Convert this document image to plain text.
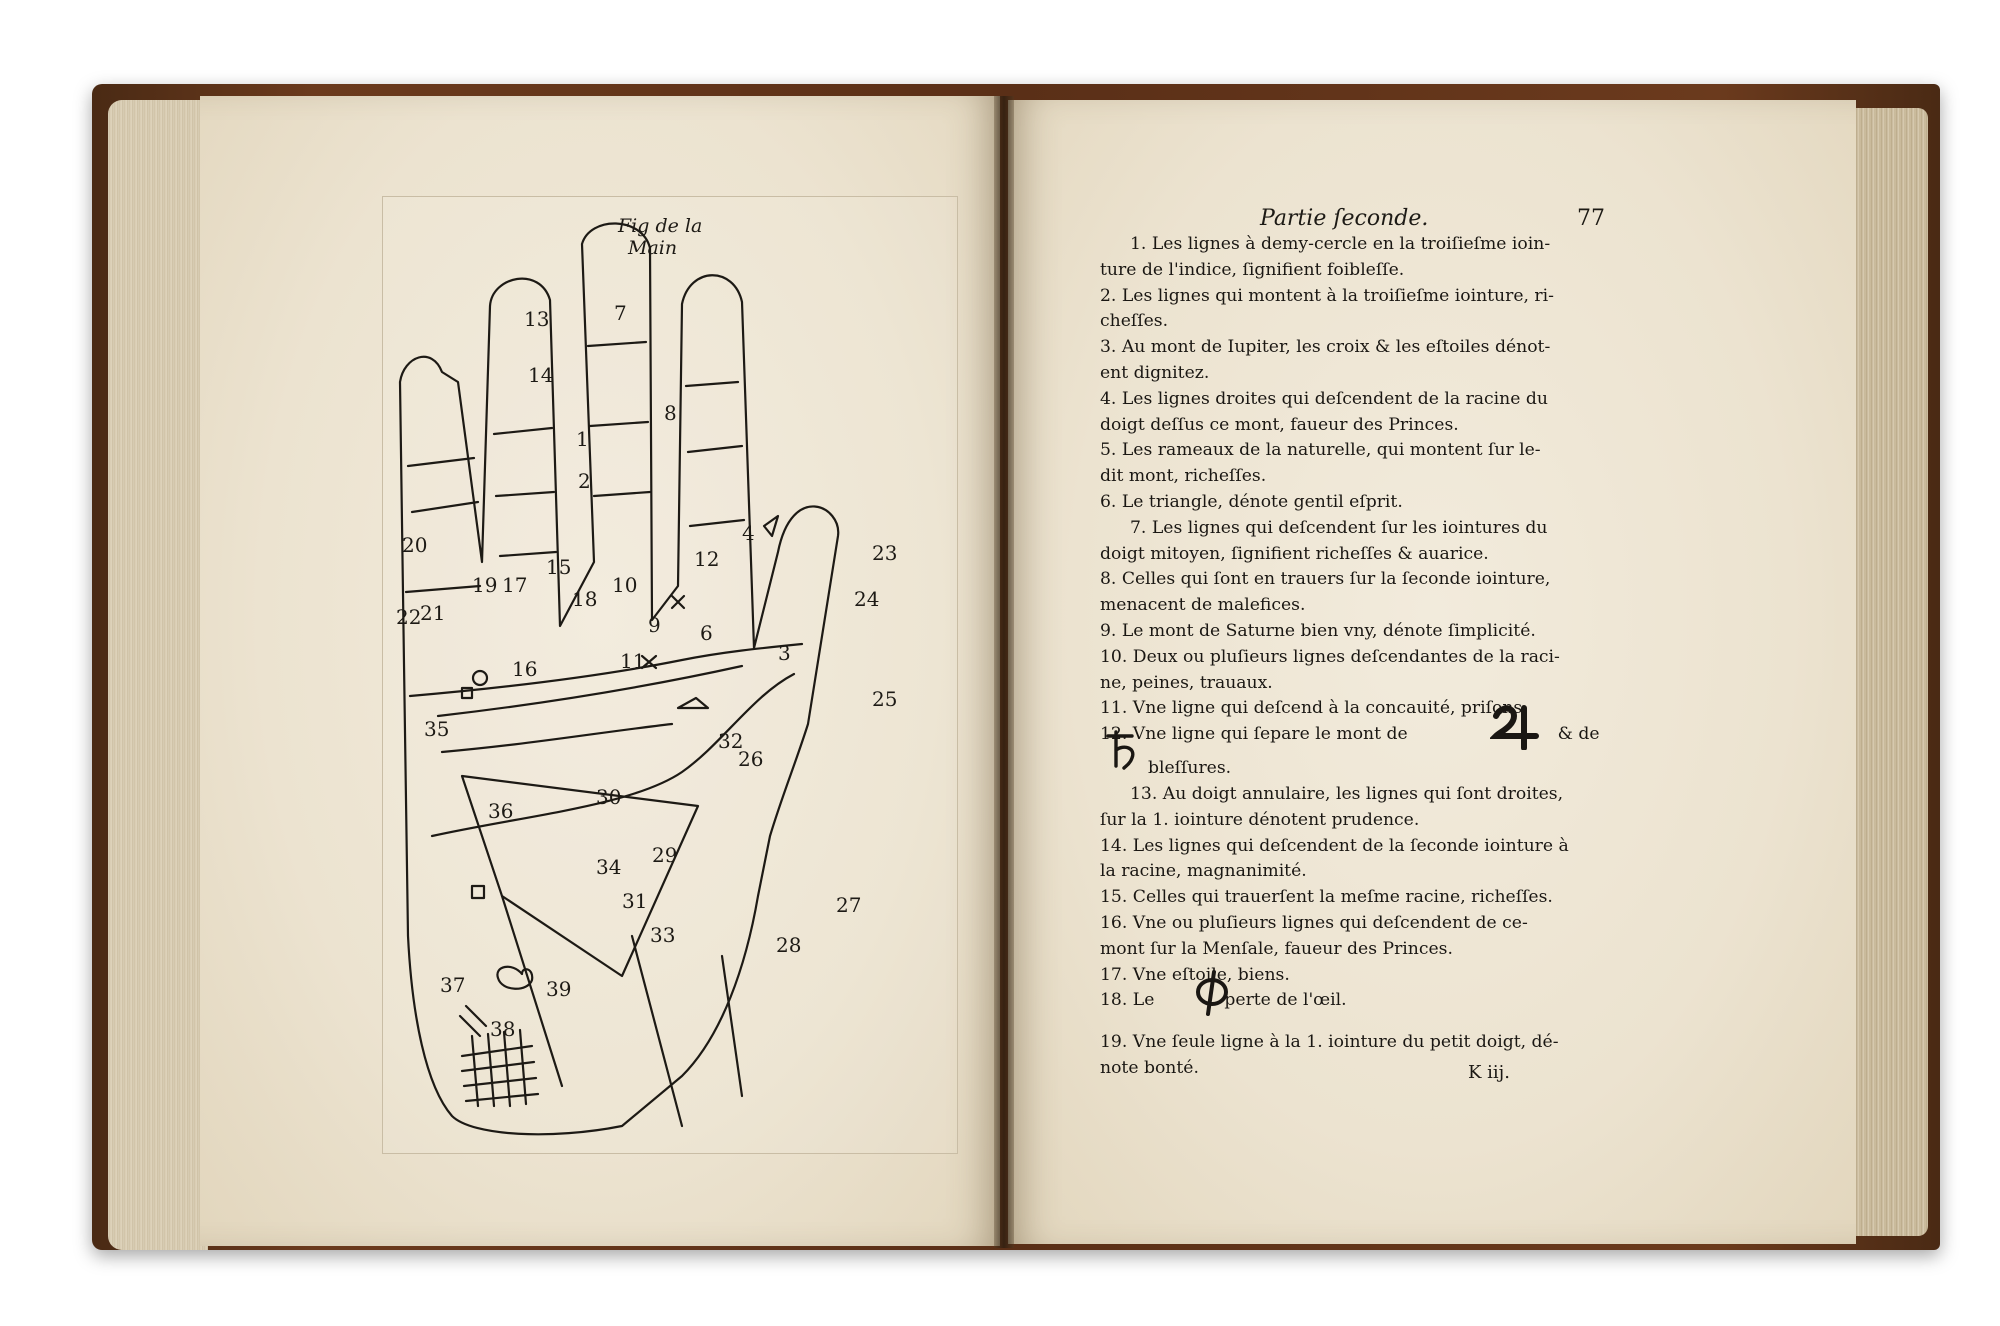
Fig de la
Main
1
2
3
4
6
7
8
9
10
11
12
13
14
15
16
17
18
19
20
21
22
23
24
25
26
27
28
29
30
31
32
33
34
35
36
37
38
39
Partie ſeconde.	77
1. Les lignes à demy-cercle en la troiſieſme ioin-
ture de l'indice, ſignifient foibleſſe.
2. Les lignes qui montent à la troiſieſme iointure, ri-
cheſſes.
3. Au mont de Iupiter, les croix & les eſtoiles dénot-
ent dignitez.
4. Les lignes droites qui deſcendent de la racine du
doigt deſſus ce mont, faueur des Princes.
5. Les rameaux de la naturelle, qui montent ſur le-
dit mont, richeſſes.
6. Le triangle, dénote gentil eſprit.
7. Les lignes qui deſcendent ſur les iointures du
doigt mitoyen, ſignifient richeſſes & auarice.
8. Celles qui ſont en trauers ſur la ſeconde iointure,
menacent de malefices.
9. Le mont de Saturne bien vny, dénote ſimplicité.
10. Deux ou pluſieurs lignes deſcendantes de la raci-
ne, peines, trauaux.
11. Vne ligne qui deſcend à la concauité, priſons.
12. Vne ligne qui ſepare le mont de	& de
bleſſures.
13. Au doigt annulaire, les lignes qui ſont droites,
ſur la 1. iointure dénotent prudence.
14. Les lignes qui deſcendent de la ſeconde iointure à
la racine, magnanimité.
15. Celles qui trauerſent la meſme racine, richeſſes.
16. Vne ou pluſieurs lignes qui deſcendent de ce-
mont ſur la Menſale, faueur des Princes.
17. Vne eſtoile, biens.
18. Le	perte de l'œil.
19. Vne ſeule ligne à la 1. iointure du petit doigt, dé-
note bonté.	K iij.
